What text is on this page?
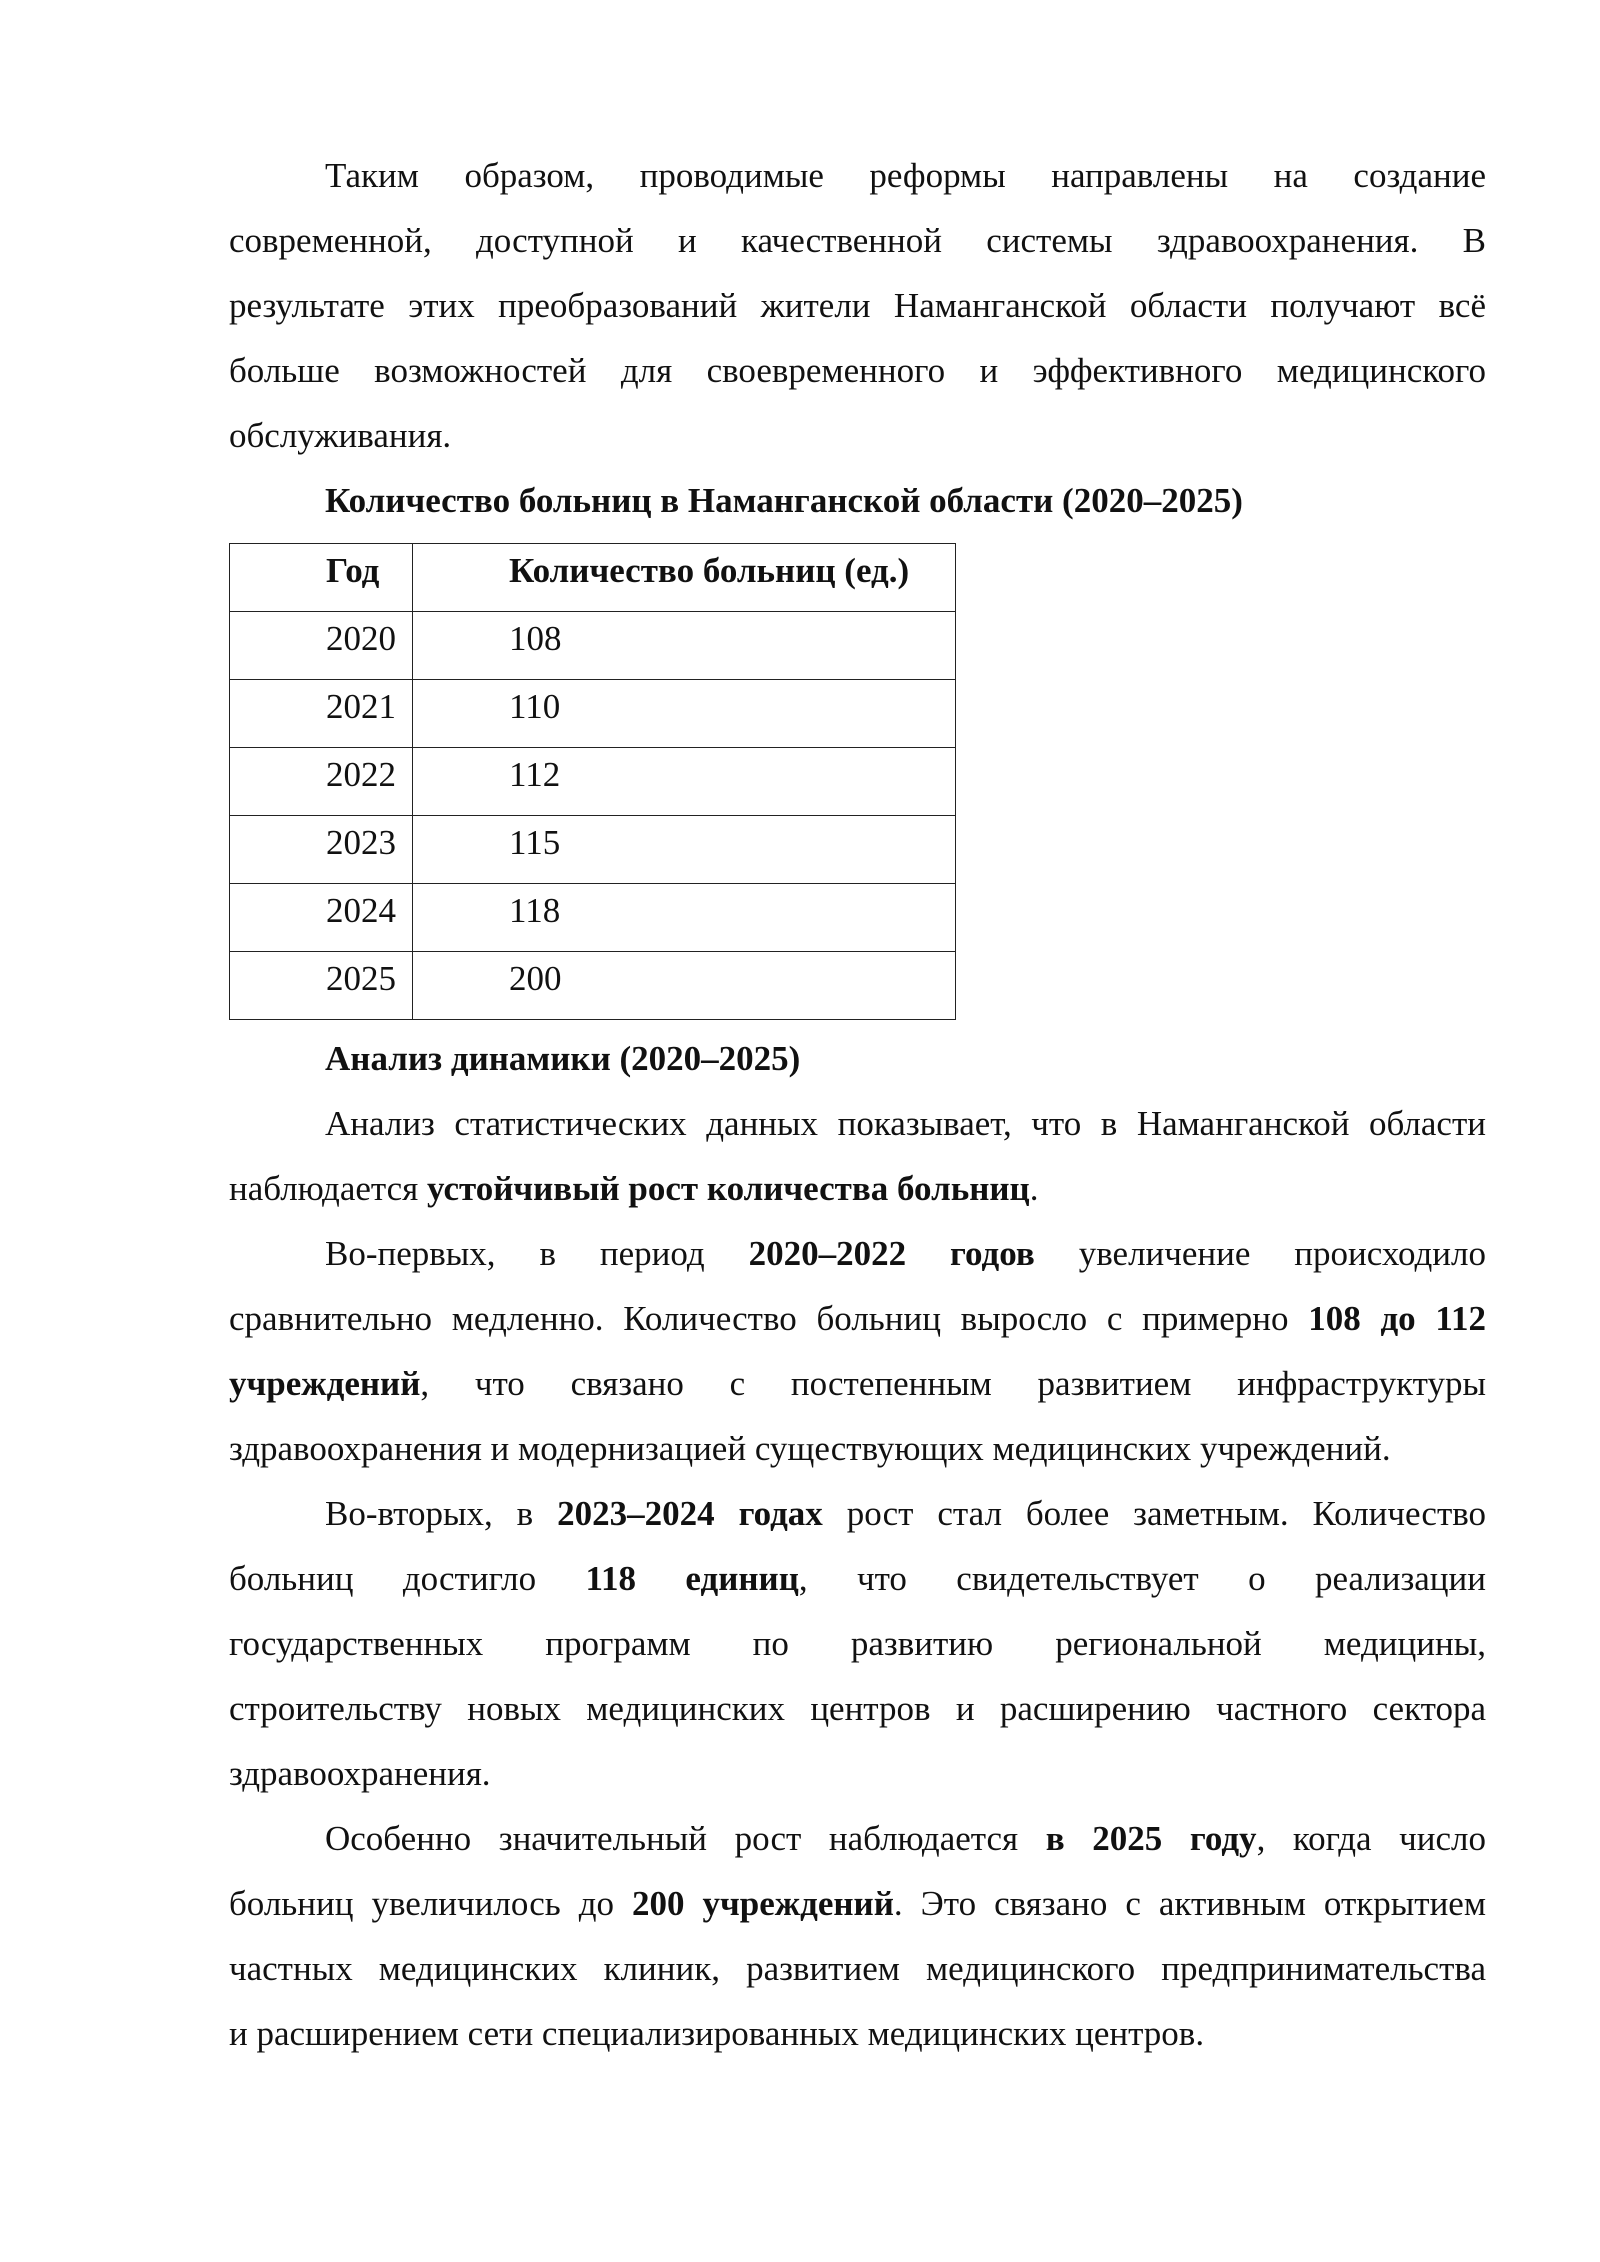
Таким образом, проводимые реформы направлены на создание
современной, доступной и качественной системы здравоохранения. В
результате этих преобразований жители Наманганской области получают всё
больше возможностей для своевременного и эффективного медицинского
обслуживания.
Количество больниц в Наманганской области (2020–2025)
Год	Количество больниц (ед.)

2020	108

2021	110

2022	112

2023	115

2024	118

2025	200
Анализ динамики (2020–2025)
Анализ статистических данных показывает, что в Наманганской области
наблюдается устойчивый рост количества больниц.
Во-первых, в период 2020–2022 годов увеличение происходило
сравнительно медленно. Количество больниц выросло с примерно 108 до 112
учреждений, что связано с постепенным развитием инфраструктуры
здравоохранения и модернизацией существующих медицинских учреждений.
Во-вторых, в 2023–2024 годах рост стал более заметным. Количество
больниц достигло 118 единиц, что свидетельствует о реализации
государственных программ по развитию региональной медицины,
строительству новых медицинских центров и расширению частного сектора
здравоохранения.
Особенно значительный рост наблюдается в 2025 году, когда число
больниц увеличилось до 200 учреждений. Это связано с активным открытием
частных медицинских клиник, развитием медицинского предпринимательства
и расширением сети специализированных медицинских центров.
